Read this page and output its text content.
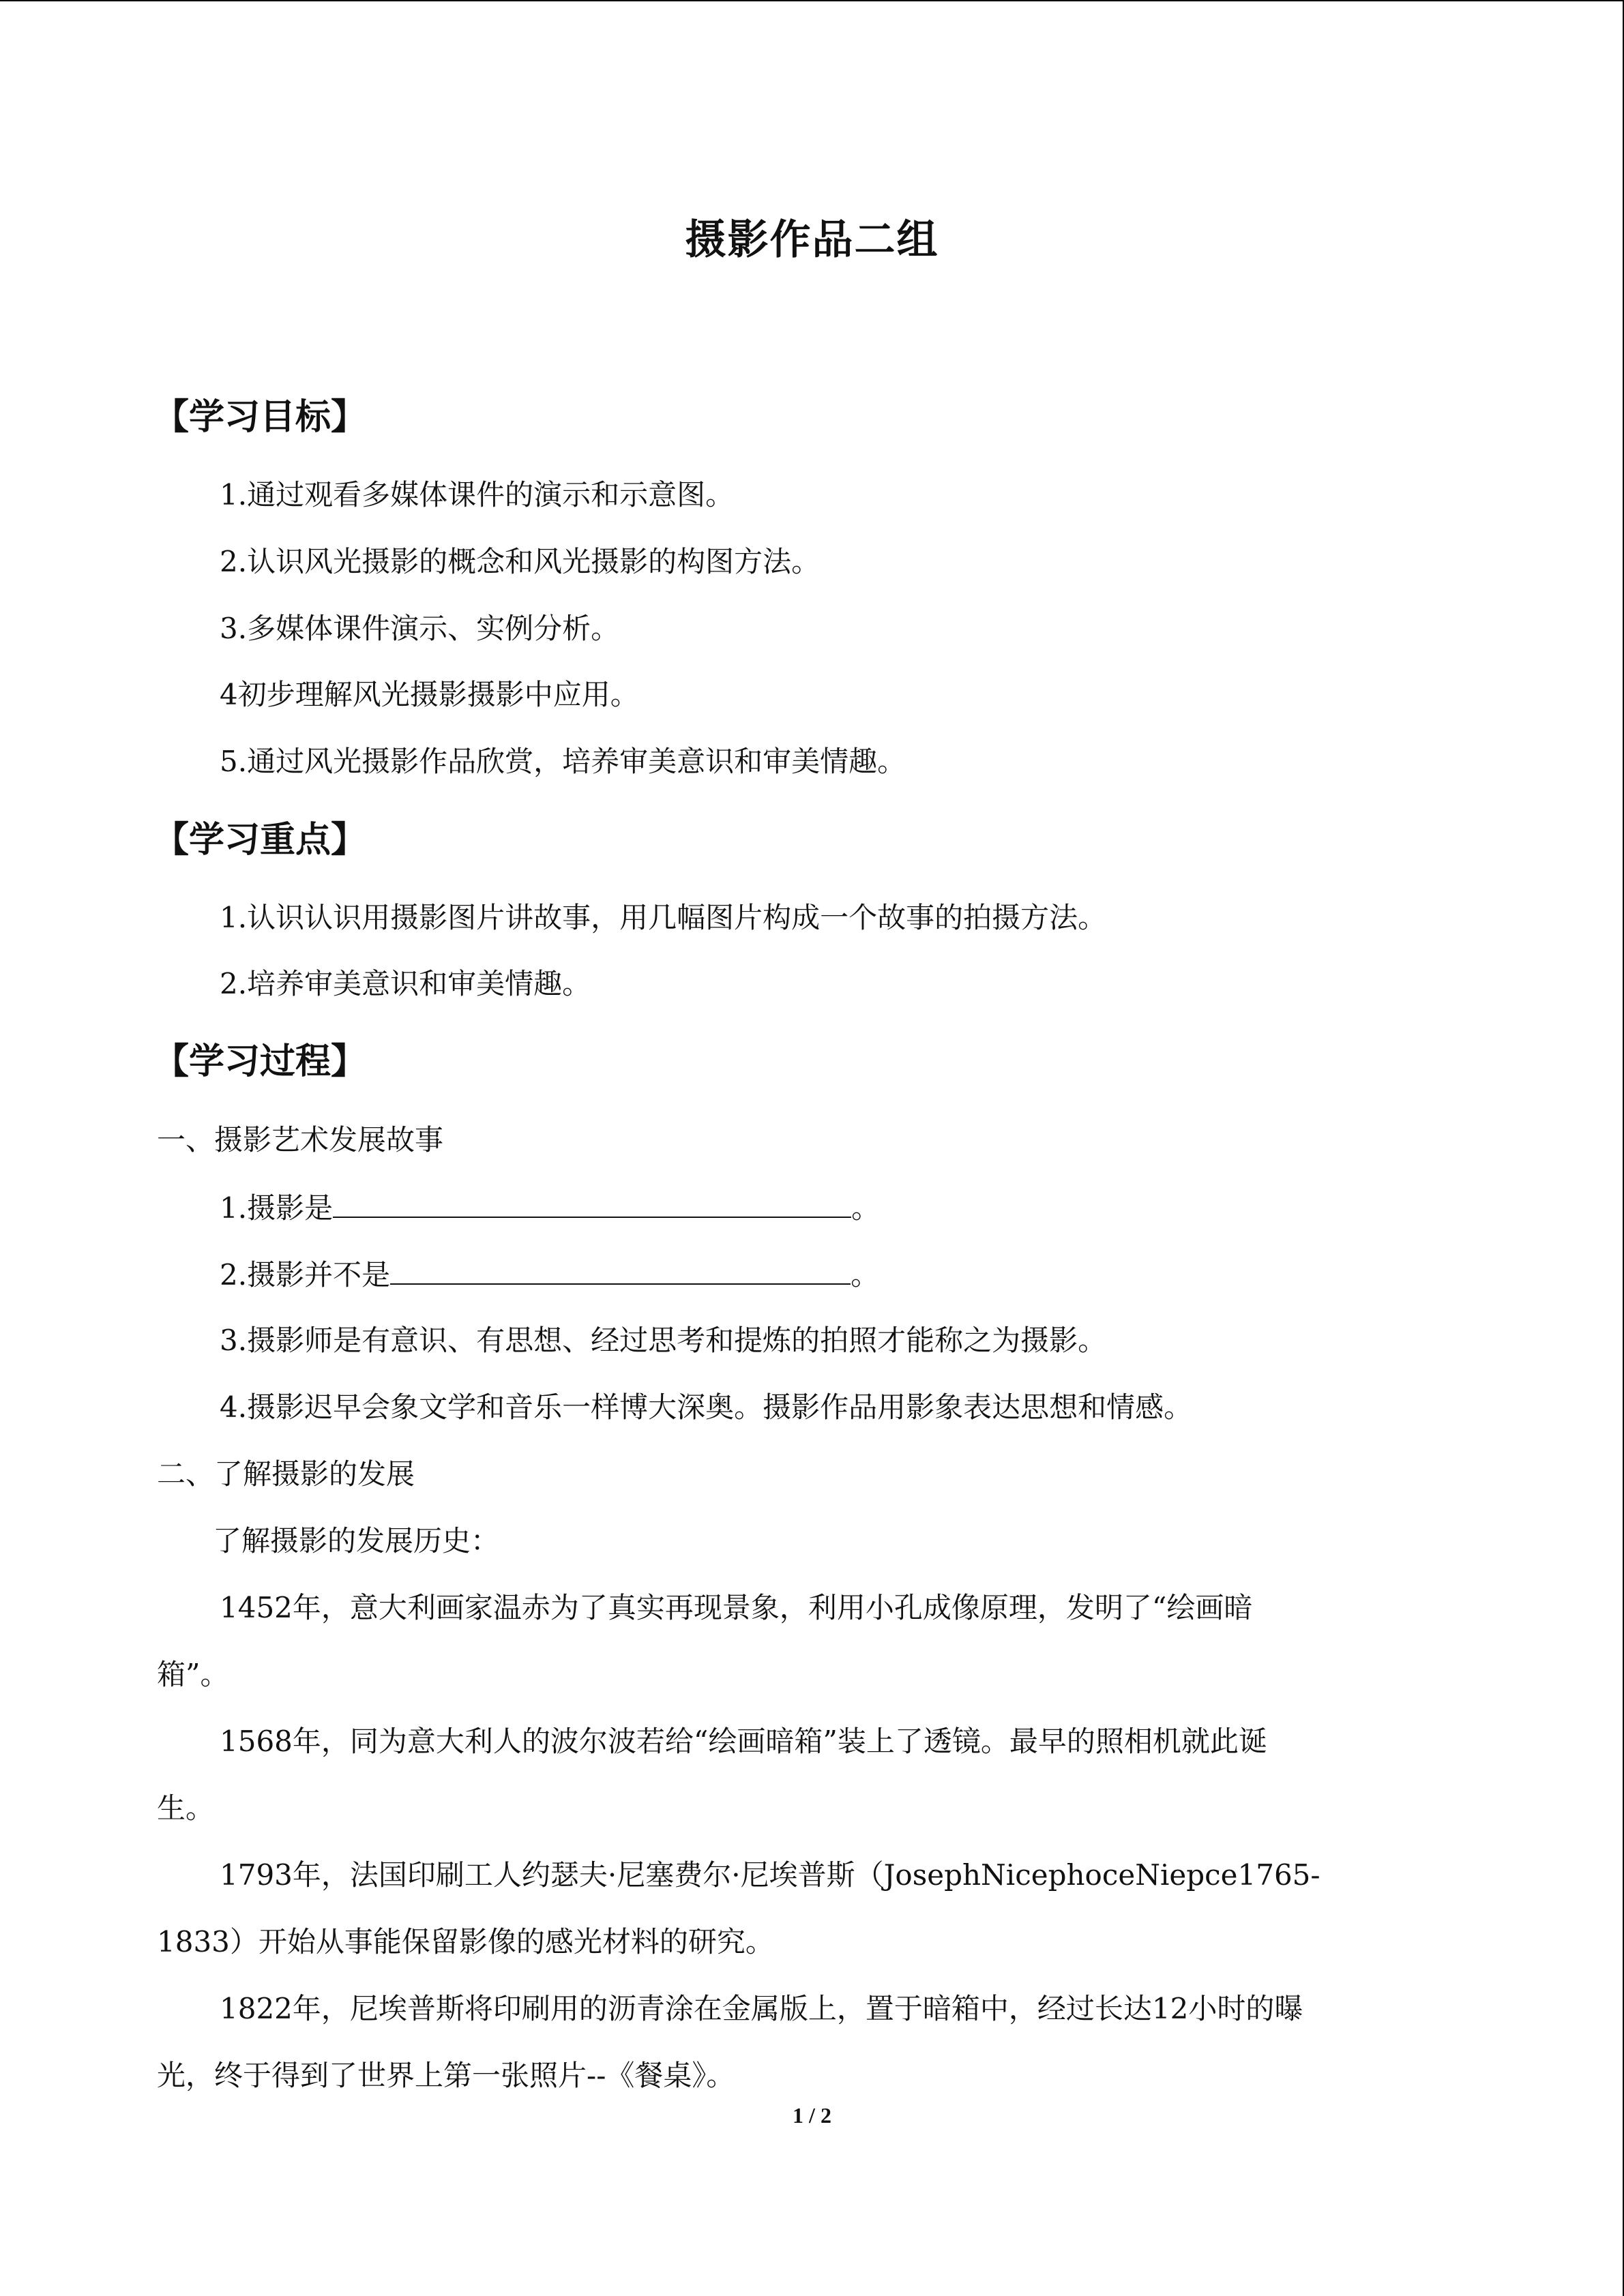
摄影作品二组
【学习目标】
1.通过观看多媒体课件的演示和示意图。
2.认识风光摄影的概念和风光摄影的构图方法。
3.多媒体课件演示、实例分析。
4初步理解风光摄影摄影中应用。
5.通过风光摄影作品欣赏，培养审美意识和审美情趣。
【学习重点】
1.认识认识用摄影图片讲故事，用几幅图片构成一个故事的拍摄方法。
2.培养审美意识和审美情趣。
【学习过程】
一、摄影艺术发展故事
1.摄影是	。
2.摄影并不是	。
3.摄影师是有意识、有思想、经过思考和提炼的拍照才能称之为摄影。
4.摄影迟早会象文学和音乐一样博大深奥。摄影作品用影象表达思想和情感。
二、了解摄影的发展
了解摄影的发展历史：
1452年，意大利画家温赤为了真实再现景象，利用小孔成像原理，发明了“绘画暗
箱”。
1568年，同为意大利人的波尔波若给“绘画暗箱”装上了透镜。最早的照相机就此诞
生。
1793年，法国印刷工人约瑟夫·尼塞费尔·尼埃普斯（JosephNicephoceNiepce1765-
1833）开始从事能保留影像的感光材料的研究。
1822年，尼埃普斯将印刷用的沥青涂在金属版上，置于暗箱中，经过长达12小时的曝
光，终于得到了世界上第一张照片--《餐桌》。
1 / 2
